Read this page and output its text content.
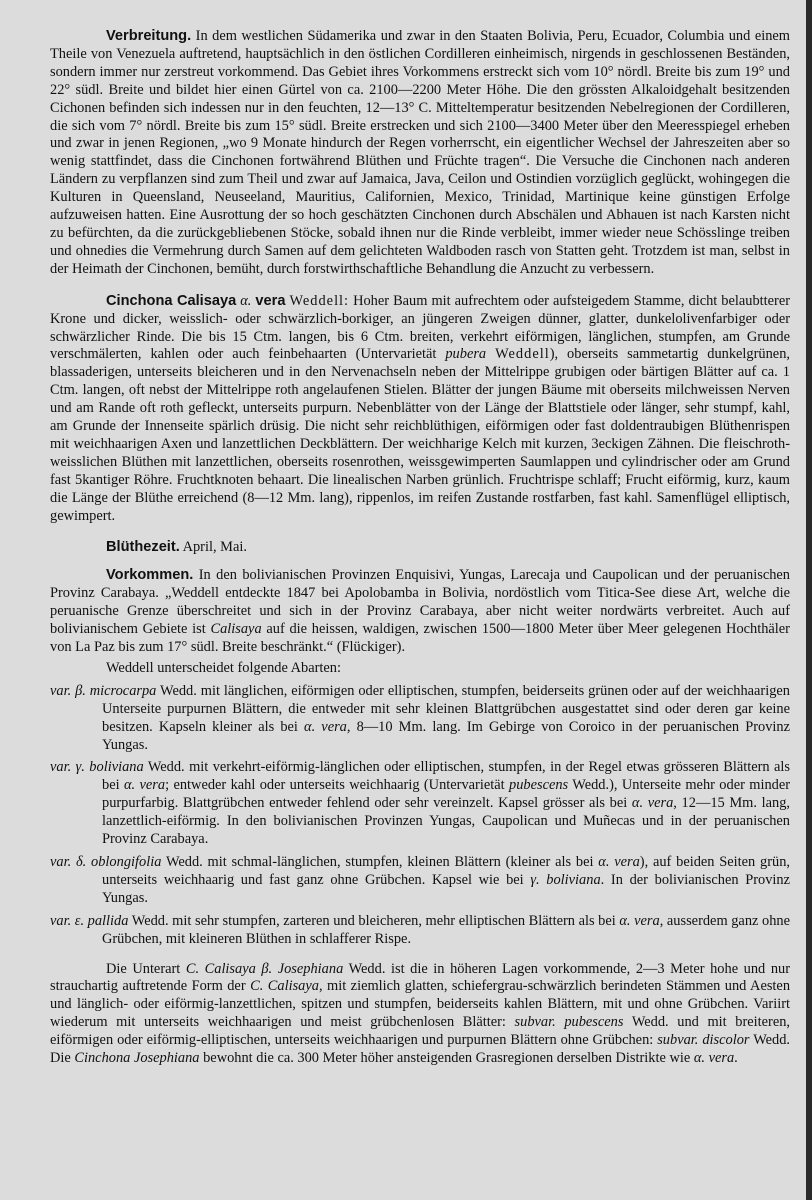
Verbreitung. In dem westlichen Südamerika und zwar in den Staaten Bolivia, Peru, Ecuador, Columbia und einem Theile von Venezuela auftretend, hauptsächlich in den östlichen Cordilleren einheimisch, nirgends in geschlossenen Beständen, sondern immer nur zerstreut vorkommend. Das Gebiet ihres Vorkommens erstreckt sich vom 10° nördl. Breite bis zum 19° und 22° südl. Breite und bildet hier einen Gürtel von ca. 2100—2200 Meter Höhe. Die den grössten Alkaloidgehalt besitzenden Cichonen befinden sich indessen nur in den feuchten, 12—13° C. Mitteltemperatur besitzenden Nebelregionen der Cordilleren, die sich vom 7° nördl. Breite bis zum 15° südl. Breite erstrecken und sich 2100—3400 Meter über den Meeresspiegel erheben und zwar in jenen Regionen, „wo 9 Monate hindurch der Regen vorherrscht, ein eigentlicher Wechsel der Jahreszeiten aber so wenig stattfindet, dass die Cinchonen fortwährend Blüthen und Früchte tragen“. Die Versuche die Cinchonen nach anderen Ländern zu verpflanzen sind zum Theil und zwar auf Jamaica, Java, Ceilon und Ostindien vorzüglich geglückt, wohingegen die Kulturen in Queensland, Neuseeland, Mauritius, Californien, Mexico, Trinidad, Martinique keine günstigen Erfolge aufzuweisen hatten. Eine Ausrottung der so hoch geschätzten Cinchonen durch Abschälen und Abhauen ist nach Karsten nicht zu befürchten, da die zurückgebliebenen Stöcke, sobald ihnen nur die Rinde verbleibt, immer wieder neue Schösslinge treiben und ohnedies die Vermehrung durch Samen auf dem gelichteten Waldboden rasch von Statten geht. Trotzdem ist man, selbst in der Heimath der Cinchonen, bemüht, durch forstwirthschaftliche Behandlung die Anzucht zu verbessern.

Cinchona Calisaya α. vera Weddell: Hoher Baum mit aufrechtem oder aufsteigedem Stamme, dicht belaubtterer Krone und dicker, weisslich- oder schwärzlich-borkiger, an jüngeren Zweigen dünner, glatter, dunkelolivenfarbiger oder schwärzlicher Rinde. Die bis 15 Ctm. langen, bis 6 Ctm. breiten, verkehrt eiförmigen, länglichen, stumpfen, am Grunde verschmälerten, kahlen oder auch feinbehaarten (Untervarietät pubera Weddell), oberseits sammetartig dunkelgrünen, blassaderigen, unterseits bleicheren und in den Nervenachseln neben der Mittelrippe grubigen oder bärtigen Blätter auf ca. 1 Ctm. langen, oft nebst der Mittelrippe roth angelaufenen Stielen. Blätter der jungen Bäume mit oberseits milchweissen Nerven und am Rande oft roth gefleckt, unterseits purpurn. Nebenblätter von der Länge der Blattstiele oder länger, sehr stumpf, kahl, am Grunde der Innenseite spärlich drüsig. Die nicht sehr reichblüthigen, eiförmigen oder fast doldentraubigen Blüthenrispen mit weichhaarigen Axen und lanzettlichen Deckblättern. Der weichharige Kelch mit kurzen, 3eckigen Zähnen. Die fleischroth-weisslichen Blüthen mit lanzettlichen, oberseits rosenrothen, weissgewimperten Saumlappen und cylindrischer oder am Grund fast 5kantiger Röhre. Fruchtknoten behaart. Die linealischen Narben grünlich. Fruchtrispe schlaff; Frucht eiförmig, kurz, kaum die Länge der Blüthe erreichend (8—12 Mm. lang), rippenlos, im reifen Zustande rostfarben, fast kahl. Samenflügel elliptisch, gewimpert.

Blüthezeit. April, Mai.

Vorkommen. In den bolivianischen Provinzen Enquisivi, Yungas, Larecaja und Caupolican und der peruanischen Provinz Carabaya. „Weddell entdeckte 1847 bei Apolobamba in Bolivia, nordöstlich vom Titica-See diese Art, welche die peruanische Grenze überschreitet und sich in der Provinz Carabaya, aber nicht weiter nordwärts verbreitet. Auch auf bolivianischem Gebiete ist Calisaya auf die heissen, waldigen, zwischen 1500—1800 Meter über Meer gelegenen Hochthäler von La Paz bis zum 17° südl. Breite beschränkt.“ (Flückiger).

Weddell unterscheidet folgende Abarten:

var. β. microcarpa Wedd. mit länglichen, eiförmigen oder elliptischen, stumpfen, beiderseits grünen oder auf der weichhaarigen Unterseite purpurnen Blättern, die entweder mit sehr kleinen Blattgrübchen ausgestattet sind oder deren gar keine besitzen. Kapseln kleiner als bei α. vera, 8—10 Mm. lang. Im Gebirge von Coroico in der peruanischen Provinz Yungas.

var. γ. boliviana Wedd. mit verkehrt-eiförmig-länglichen oder elliptischen, stumpfen, in der Regel etwas grösseren Blättern als bei α. vera; entweder kahl oder unterseits weichhaarig (Untervarietät pubescens Wedd.), Unterseite mehr oder minder purpurfarbig. Blattgrübchen entweder fehlend oder sehr vereinzelt. Kapsel grösser als bei α. vera, 12—15 Mm. lang, lanzettlich-eiförmig. In den bolivianischen Provinzen Yungas, Caupolican und Muñecas und in der peruanischen Provinz Carabaya.

var. δ. oblongifolia Wedd. mit schmal-länglichen, stumpfen, kleinen Blättern (kleiner als bei α. vera), auf beiden Seiten grün, unterseits weichhaarig und fast ganz ohne Grübchen. Kapsel wie bei γ. boliviana. In der bolivianischen Provinz Yungas.

var. ε. pallida Wedd. mit sehr stumpfen, zarteren und bleicheren, mehr elliptischen Blättern als bei α. vera, ausserdem ganz ohne Grübchen, mit kleineren Blüthen in schlafferer Rispe.

Die Unterart C. Calisaya β. Josephiana Wedd. ist die in höheren Lagen vorkommende, 2—3 Meter hohe und nur strauchartig auftretende Form der C. Calisaya, mit ziemlich glatten, schiefergrau-schwärzlich berindeten Stämmen und Aesten und länglich- oder eiförmig-lanzettlichen, spitzen und stumpfen, beiderseits kahlen Blättern, mit und ohne Grübchen. Variirt wiederum mit unterseits weichhaarigen und meist grübchenlosen Blätter: subvar. pubescens Wedd. und mit breiteren, eiförmigen oder eiförmig-elliptischen, unterseits weichhaarigen und purpurnen Blättern ohne Grübchen: subvar. discolor Wedd. Die Cinchona Josephiana bewohnt die ca. 300 Meter höher ansteigenden Grasregionen derselben Distrikte wie α. vera.
